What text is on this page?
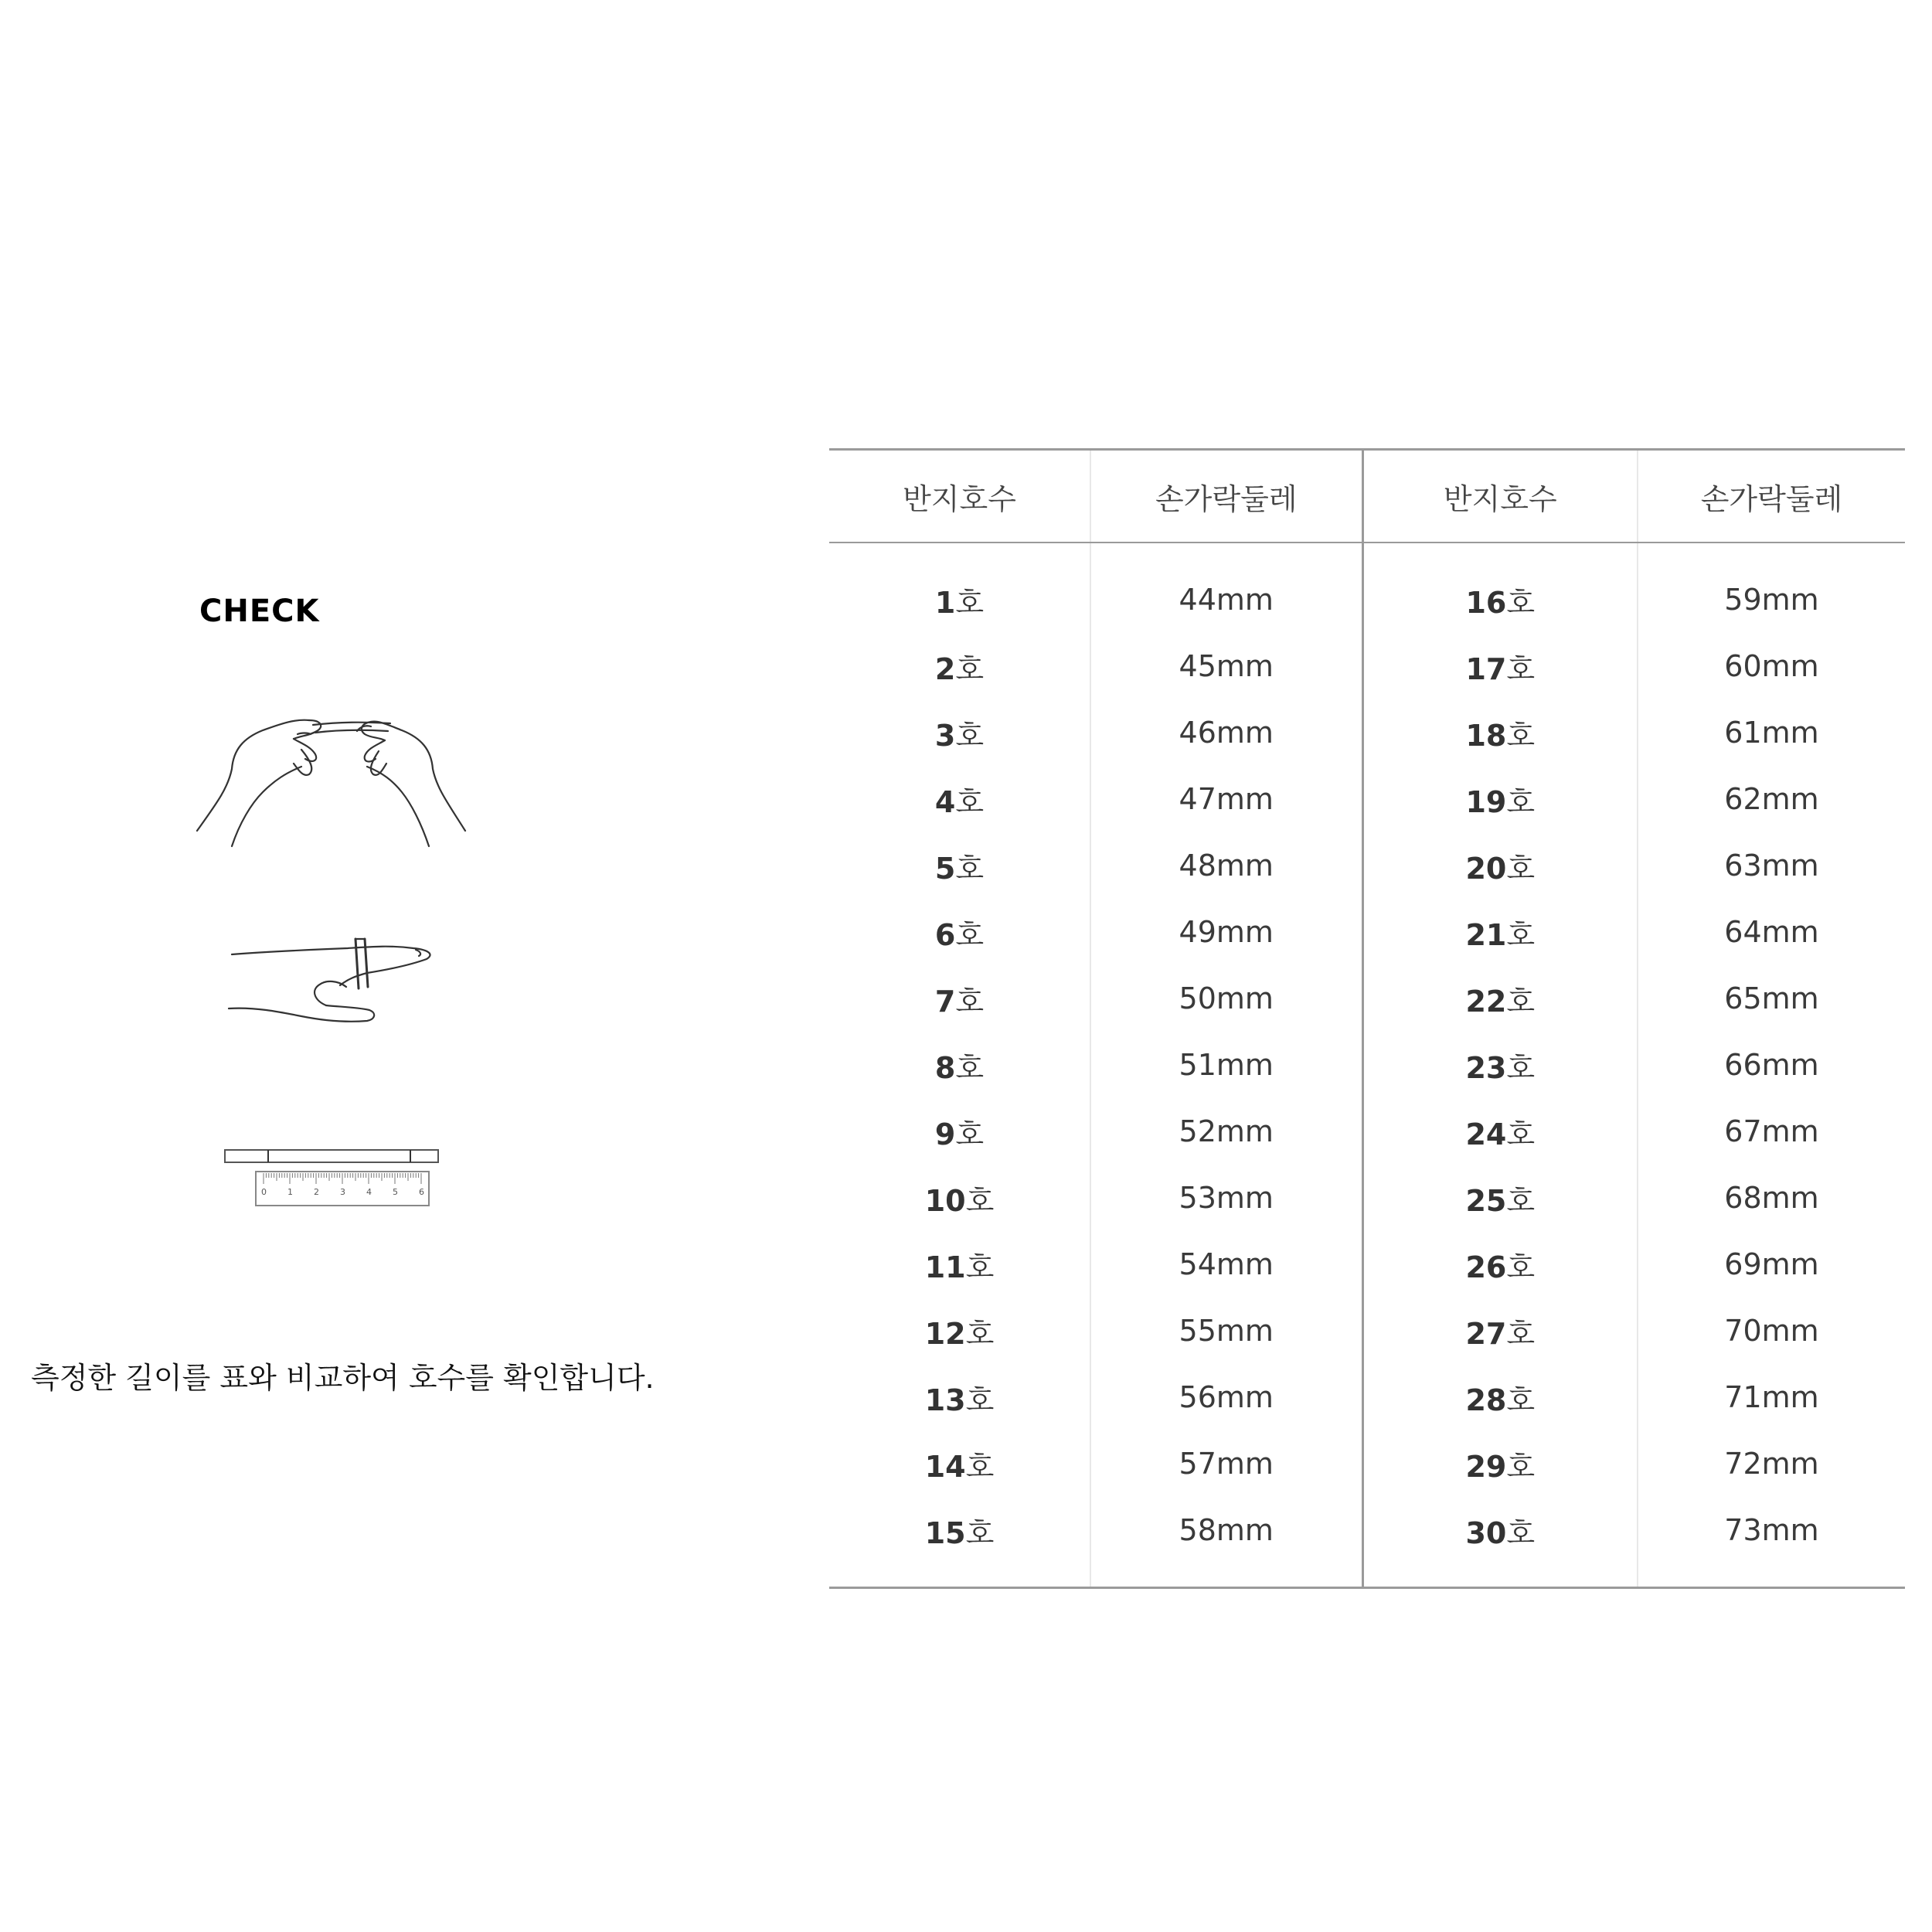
CHECK
0 1 2 3 4 5 6
측정한 길이를 표와 비교하여 호수를 확인합니다.
반지호수	손가락둘레	반지호수	손가락둘레
1호	44mm	16호	59mm
2호	45mm	17호	60mm
3호	46mm	18호	61mm
4호	47mm	19호	62mm
5호	48mm	20호	63mm
6호	49mm	21호	64mm
7호	50mm	22호	65mm
8호	51mm	23호	66mm
9호	52mm	24호	67mm
10호	53mm	25호	68mm
11호	54mm	26호	69mm
12호	55mm	27호	70mm
13호	56mm	28호	71mm
14호	57mm	29호	72mm
15호	58mm	30호	73mm
